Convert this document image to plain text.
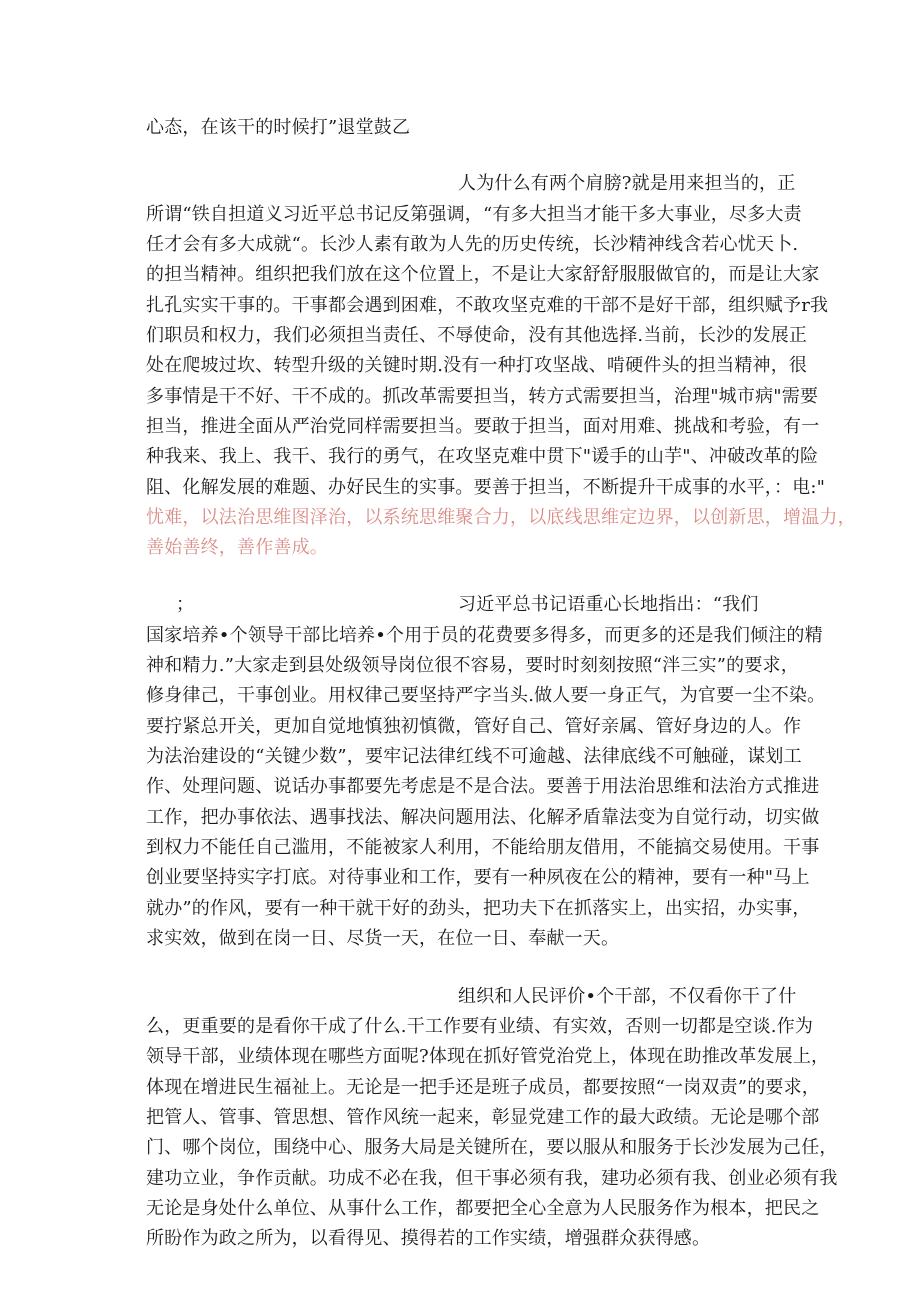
心态，在该干的时候打”退堂鼓乙
人为什么有两个肩膀?就是用来担当的，正
所谓“铁自担道义习近平总书记反第强调，“有多大担当才能干多大事业，尽多大责
任才会有多大成就“。长沙人素有敢为人先的历史传统，长沙精神线含若心忧天卜.
的担当精神。组织把我们放在这个位置上，不是让大家舒舒服服做官的，而是让大家
扎孔实实干事的。干事都会遇到困难，不敢攻坚克难的干部不是好干部，组织赋予r我
们职员和权力，我们必须担当责任、不辱使命，没有其他选择.当前，长沙的发展正
处在爬坡过坎、转型升级的关键时期.没有一种打攻坚战、啃硬件头的担当精神，很
多事情是干不好、干不成的。抓改革需要担当，转方式需要担当，治理"城市病"需要
担当，推进全面从严治党同样需要担当。要敢于担当，面对用难、挑战和考验，有一
种我来、我上、我干、我行的勇气，在攻坚克难中贯下"谖手的山芋"、冲破改革的险
阻、化解发展的难题、办好民生的实事。要善于担当，不断提升干成事的水平，：电:"
忧难，以法治思维图泽治，以系统思维聚合力，以底线思维定边界，以创新思，增温力，
善始善终，善作善成。
；	习近平总书记语重心长地指出：“我们
国家培养•个领导干部比培养•个用于员的花费要多得多，而更多的还是我们倾注的精
神和精力.”大家走到县处级领导岗位很不容易，要时时刻刻按照“泮三实”的要求，
修身律己，干事创业。用权律己要坚持严字当头.做人要一身正气，为官要一尘不染。
要拧紧总开关，更加自觉地慎独初慎微，管好自己、管好亲属、管好身边的人。作
为法治建设的“关键少数”，要牢记法律红线不可逾越、法律底线不可触碰，谋划工
作、处理问题、说话办事都要先考虑是不是合法。要善于用法治思维和法治方式推进
工作，把办事依法、遇事找法、解决问题用法、化解矛盾靠法变为自觉行动，切实做
到权力不能任自己滥用，不能被家人利用，不能给朋友借用，不能搞交易使用。干事
创业要坚持实字打底。对待事业和工作，要有一种夙夜在公的精神，要有一种"马上
就办”的作风，要有一种干就干好的劲头，把功夫下在抓落实上，出实招，办实事，
求实效，做到在岗一日、尽货一天，在位一日、奉献一天。
组织和人民评价•个干部，不仅看你干了什
么，更重要的是看你干成了什么.干工作要有业绩、有实效，否则一切都是空谈.作为
领导干部，业绩体现在哪些方面呢?体现在抓好管党治党上，体现在助推改革发展上，
体现在增进民生福祉上。无论是一把手还是班子成员，都要按照“一岗双责”的要求，
把管人、管事、管思想、管作风统一起来，彰显党建工作的最大政绩。无论是哪个部
门、哪个岗位，围绕中心、服务大局是关键所在，要以服从和服务于长沙发展为己任，
建功立业，争作贡献。功成不必在我，但干事必须有我，建功必须有我、创业必须有我
无论是身处什么单位、从事什么工作，都要把全心全意为人民服务作为根本，把民之
所盼作为政之所为，以看得见、摸得若的工作实绩，增强群众获得感。
